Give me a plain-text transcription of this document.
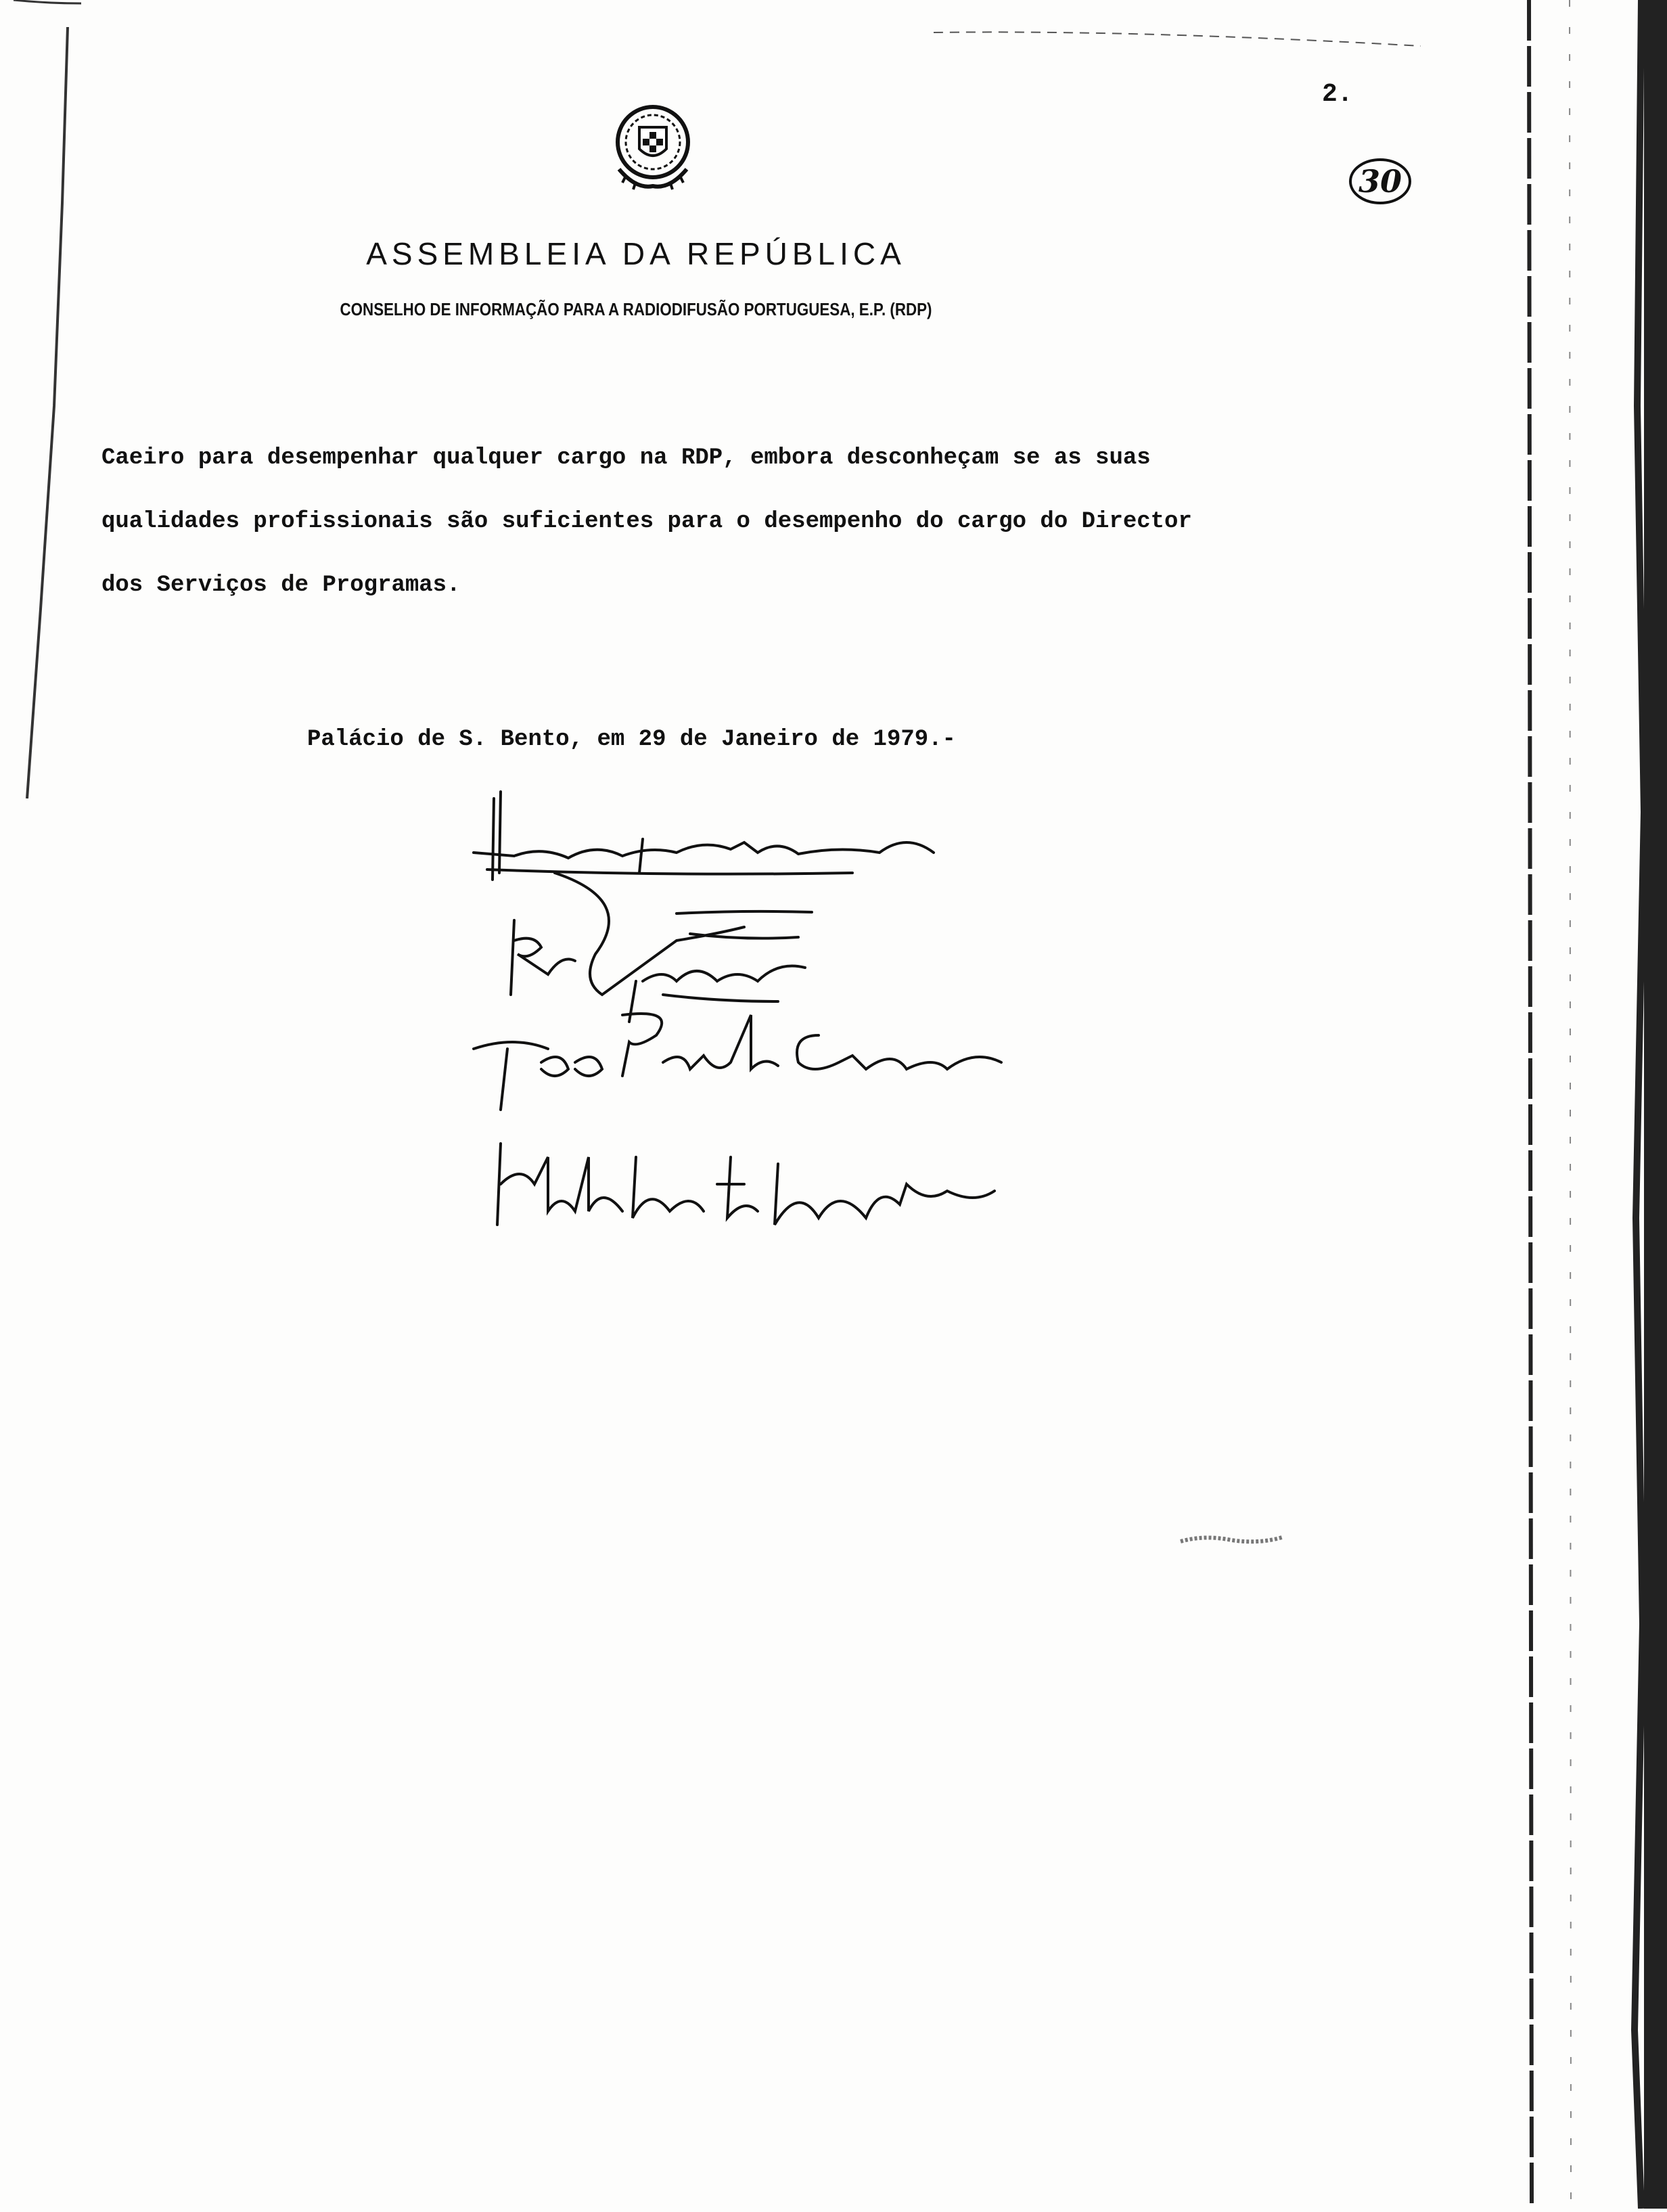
2.
30
ASSEMBLEIA DA REPÚBLICA
CONSELHO DE INFORMAÇÃO PARA A RADIODIFUSÃO PORTUGUESA, E.P. (RDP)
Caeiro para desempenhar qualquer cargo na RDP, embora desconheçam se as suas
qualidades profissionais são suficientes para o desempenho do cargo do Director
dos Serviços de Programas.
Palácio de S. Bento, em 29 de Janeiro de 1979.-
